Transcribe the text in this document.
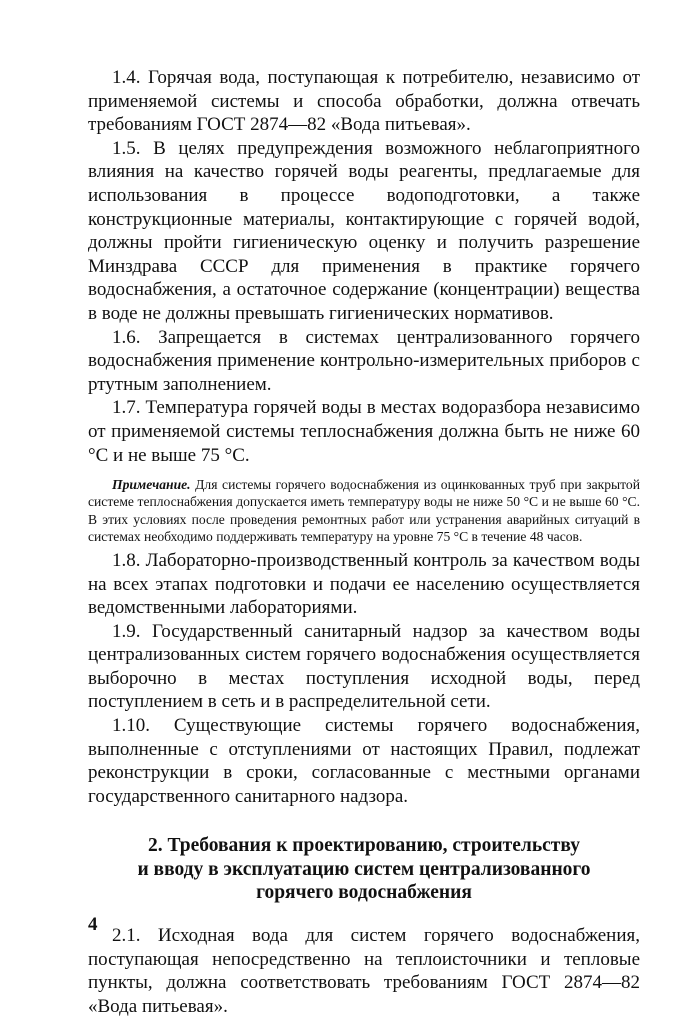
1.4. Горячая вода, поступающая к потребителю, независимо от применяемой системы и способа обработки, должна отвечать требованиям ГОСТ 2874—82 «Вода питьевая».

1.5. В целях предупреждения возможного неблагоприятного влияния на качество горячей воды реагенты, предлагаемые для использования в процессе водоподготовки, а также конструкционные материалы, контактирующие с горячей водой, должны пройти гигиеническую оценку и получить разрешение Минздрава СССР для применения в практике горячего водоснабжения, а остаточное содержание (концентрации) вещества в воде не должны превышать гигиенических нормативов.

1.6. Запрещается в системах централизованного горячего водоснабжения применение контрольно-измерительных приборов с ртутным заполнением.

1.7. Температура горячей воды в местах водоразбора независимо от применяемой системы теплоснабжения должна быть не ниже 60 °С и не выше 75 °С.

Примечание. Для системы горячего водоснабжения из оцинкованных труб при закрытой системе теплоснабжения допускается иметь температуру воды не ниже 50 °С и не выше 60 °С. В этих условиях после проведения ремонтных работ или устранения аварийных ситуаций в системах необходимо поддерживать температуру на уровне 75 °С в течение 48 часов.

1.8. Лабораторно-производственный контроль за качеством воды на всех этапах подготовки и подачи ее населению осуществляется ведомственными лабораториями.

1.9. Государственный санитарный надзор за качеством воды централизованных систем горячего водоснабжения осуществляется выборочно в местах поступления исходной воды, перед поступлением в сеть и в распределительной сети.

1.10. Существующие системы горячего водоснабжения, выполненные с отступлениями от настоящих Правил, подлежат реконструкции в сроки, согласованные с местными органами государственного санитарного надзора.

2. Требования к проектированию, строительству
и вводу в эксплуатацию систем централизованного
горячего водоснабжения

2.1. Исходная вода для систем горячего водоснабжения, поступающая непосредственно на теплоисточники и тепловые пункты, должна соответствовать требованиям ГОСТ 2874—82 «Вода питьевая».

4
